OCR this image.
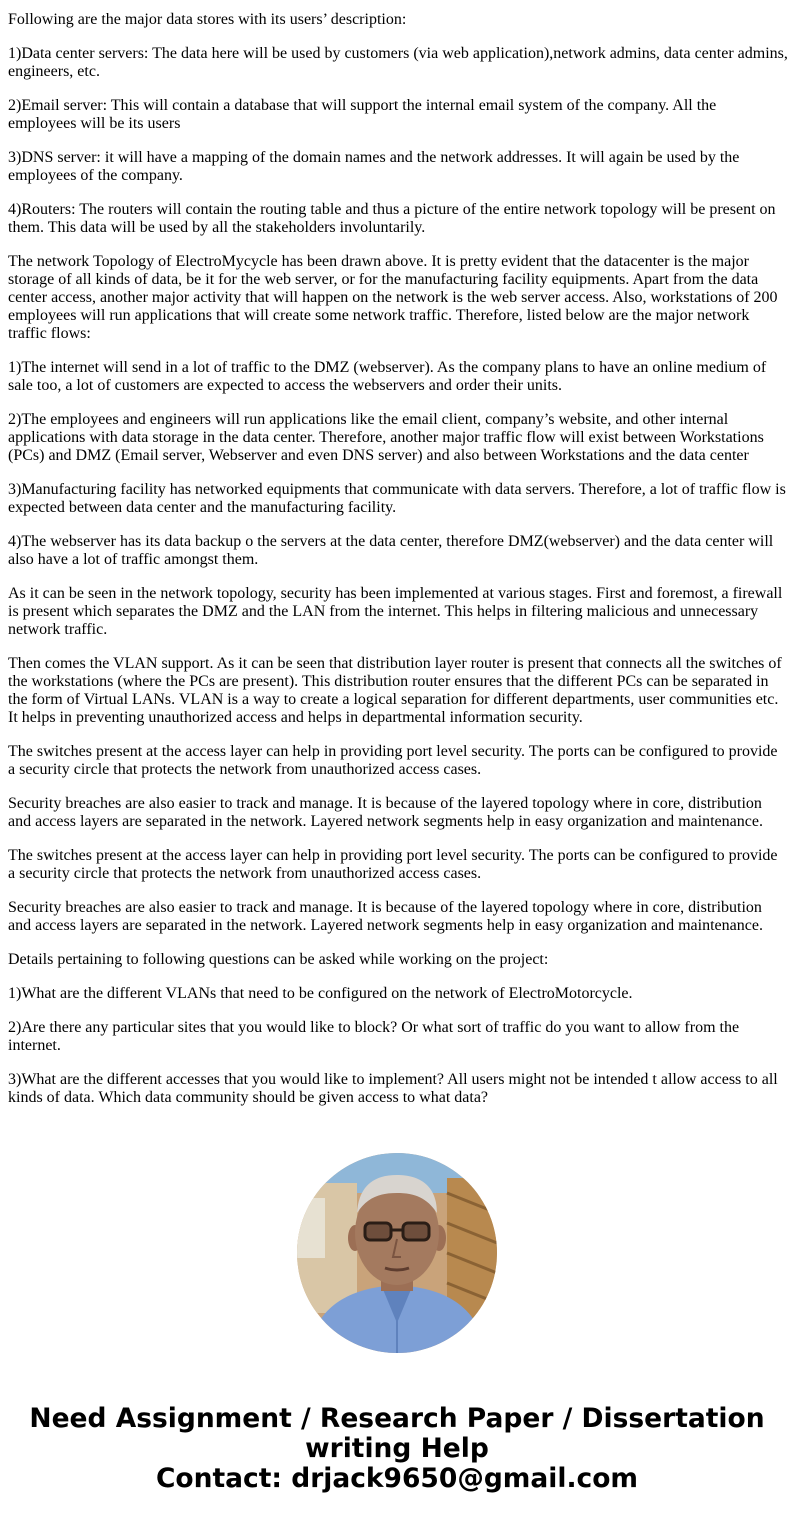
Following are the major data stores with its users’ description:

1)Data center servers: The data here will be used by customers (via web application),network admins, data center admins, engineers, etc.

2)Email server: This will contain a database that will support the internal email system of the company. All the employees will be its users

3)DNS server: it will have a mapping of the domain names and the network addresses. It will again be used by the employees of the company.

4)Routers: The routers will contain the routing table and thus a picture of the entire network topology will be present on them. This data will be used by all the stakeholders involuntarily.

The network Topology of ElectroMycycle has been drawn above. It is pretty evident that the datacenter is the major storage of all kinds of data, be it for the web server, or for the manufacturing facility equipments. Apart from the data center access, another major activity that will happen on the network is the web server access. Also, workstations of 200 employees will run applications that will create some network traffic. Therefore, listed below are the major network traffic flows:

1)The internet will send in a lot of traffic to the DMZ (webserver). As the company plans to have an online medium of sale too, a lot of customers are expected to access the webservers and order their units.

2)The employees and engineers will run applications like the email client, company’s website, and other internal applications with data storage in the data center. Therefore, another major traffic flow will exist between Workstations (PCs) and DMZ (Email server, Webserver and even DNS server) and also between Workstations and the data center

3)Manufacturing facility has networked equipments that communicate with data servers. Therefore, a lot of traffic flow is expected between data center and the manufacturing facility.

4)The webserver has its data backup o the servers at the data center, therefore DMZ(webserver) and the data center will also have a lot of traffic amongst them.

As it can be seen in the network topology, security has been implemented at various stages. First and foremost, a firewall is present which separates the DMZ and the LAN from the internet. This helps in filtering malicious and unnecessary network traffic.

Then comes the VLAN support. As it can be seen that distribution layer router is present that connects all the switches of the workstations (where the PCs are present). This distribution router ensures that the different PCs can be separated in the form of Virtual LANs. VLAN is a way to create a logical separation for different departments, user communities etc. It helps in preventing unauthorized access and helps in departmental information security.

The switches present at the access layer can help in providing port level security. The ports can be configured to provide a security circle that protects the network from unauthorized access cases.

Security breaches are also easier to track and manage. It is because of the layered topology where in core, distribution and access layers are separated in the network. Layered network segments help in easy organization and maintenance.

The switches present at the access layer can help in providing port level security. The ports can be configured to provide a security circle that protects the network from unauthorized access cases.

Security breaches are also easier to track and manage. It is because of the layered topology where in core, distribution and access layers are separated in the network. Layered network segments help in easy organization and maintenance.

Details pertaining to following questions can be asked while working on the project:

1)What are the different VLANs that need to be configured on the network of ElectroMotorcycle.

2)Are there any particular sites that you would like to block? Or what sort of traffic do you want to allow from the internet.

3)What are the different accesses that you would like to implement? All users might not be intended t allow access to all kinds of data. Which data community should be given access to what data?

Need Assignment / Research Paper / Dissertation
writing Help
Contact: drjack9650@gmail.com
